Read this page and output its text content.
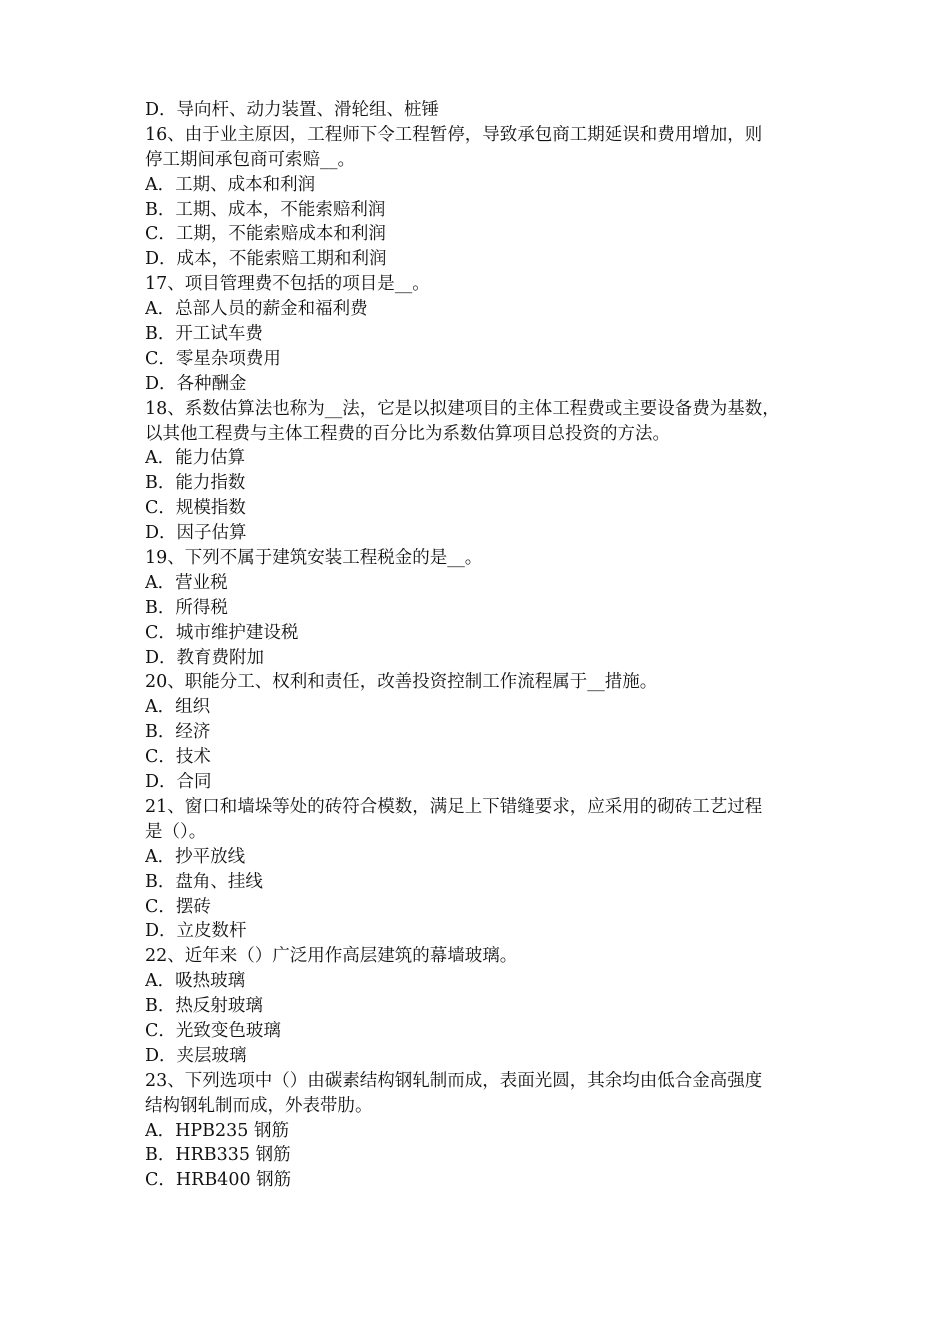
D．导向杆、动力装置、滑轮组、桩锤
16、由于业主原因，工程师下令工程暂停，导致承包商工期延误和费用增加，则
停工期间承包商可索赔__。
A．工期、成本和利润
B．工期、成本，不能索赔利润
C．工期，不能索赔成本和利润
D．成本，不能索赔工期和利润
17、项目管理费不包括的项目是__。
A．总部人员的薪金和福利费
B．开工试车费
C．零星杂项费用
D．各种酬金
18、系数估算法也称为__法，它是以拟建项目的主体工程费或主要设备费为基数，
以其他工程费与主体工程费的百分比为系数估算项目总投资的方法。
A．能力估算
B．能力指数
C．规模指数
D．因子估算
19、下列不属于建筑安装工程税金的是__。
A．营业税
B．所得税
C．城市维护建设税
D．教育费附加
20、职能分工、权利和责任，改善投资控制工作流程属于__措施。
A．组织
B．经济
C．技术
D．合同
21、窗口和墙垛等处的砖符合模数，满足上下错缝要求，应采用的砌砖工艺过程
是（）。
A．抄平放线
B．盘角、挂线
C．摆砖
D．立皮数杆
22、近年来（）广泛用作高层建筑的幕墙玻璃。
A．吸热玻璃
B．热反射玻璃
C．光致变色玻璃
D．夹层玻璃
23、下列选项中（）由碳素结构钢轧制而成，表面光圆，其余均由低合金高强度
结构钢轧制而成，外表带肋。
A．HPB235 钢筋
B．HRB335 钢筋
C．HRB400 钢筋
